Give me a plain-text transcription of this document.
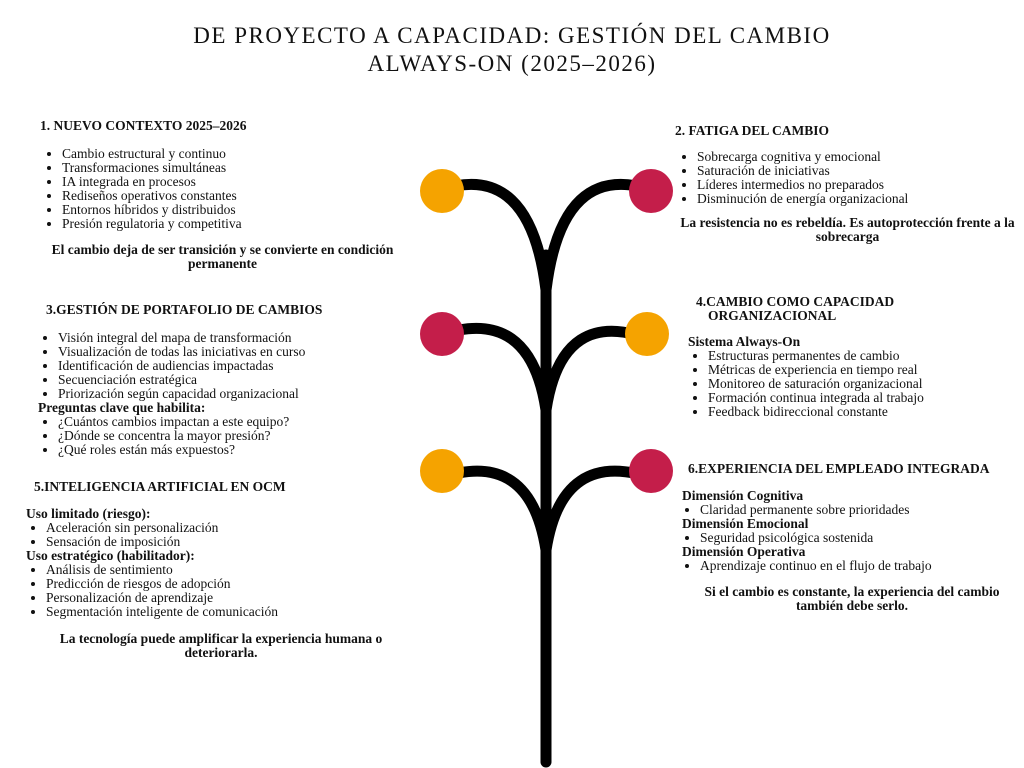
DE PROYECTO A CAPACIDAD: GESTIÓN DEL CAMBIO
ALWAYS-ON (2025–2026)
1. NUEVO CONTEXTO 2025–2026
• Cambio estructural y continuo
• Transformaciones simultáneas
• IA integrada en procesos
• Rediseños operativos constantes
• Entornos híbridos y distribuidos
• Presión regulatoria y competitiva
El cambio deja de ser transición y se convierte en condición permanente
2. FATIGA DEL CAMBIO
• Sobrecarga cognitiva y emocional
• Saturación de iniciativas
• Líderes intermedios no preparados
• Disminución de energía organizacional
La resistencia no es rebeldía. Es autoprotección frente a la sobrecarga
3.GESTIÓN DE PORTAFOLIO DE CAMBIOS
• Visión integral del mapa de transformación
• Visualización de todas las iniciativas en curso
• Identificación de audiencias impactadas
• Secuenciación estratégica
• Priorización según capacidad organizacional
Preguntas clave que habilita:
• ¿Cuántos cambios impactan a este equipo?
• ¿Dónde se concentra la mayor presión?
• ¿Qué roles están más expuestos?
4.CAMBIO COMO CAPACIDAD ORGANIZACIONAL
Sistema Always-On
• Estructuras permanentes de cambio
• Métricas de experiencia en tiempo real
• Monitoreo de saturación organizacional
• Formación continua integrada al trabajo
• Feedback bidireccional constante
5.INTELIGENCIA ARTIFICIAL EN OCM
Uso limitado (riesgo):
• Aceleración sin personalización
• Sensación de imposición
Uso estratégico (habilitador):
• Análisis de sentimiento
• Predicción de riesgos de adopción
• Personalización de aprendizaje
• Segmentación inteligente de comunicación
La tecnología puede amplificar la experiencia humana o deteriorarla.
6.EXPERIENCIA DEL EMPLEADO INTEGRADA
Dimensión Cognitiva
• Claridad permanente sobre prioridades
Dimensión Emocional
• Seguridad psicológica sostenida
Dimensión Operativa
• Aprendizaje continuo en el flujo de trabajo
Si el cambio es constante, la experiencia del cambio también debe serlo.
